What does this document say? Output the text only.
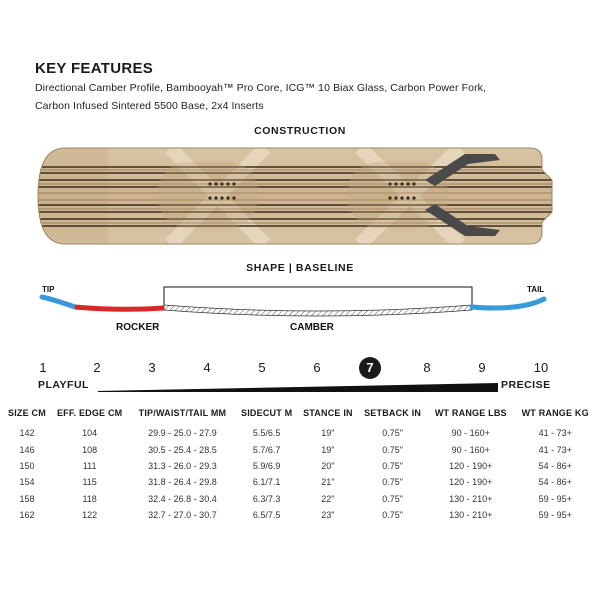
KEY FEATURES
Directional Camber Profile, Bambooyah™ Pro Core, ICG™ 10 Biax Glass, Carbon Power Fork,
Carbon Infused Sintered 5500 Base, 2x4 Inserts
CONSTRUCTION
SHAPE | BASELINE
TIP	TAIL
ROCKER	CAMBER
1	2	3	4	5	6	7	8	9	10
PLAYFUL	PRECISE
SIZE CM	EFF. EDGE CM	TIP/WAIST/TAIL MM	SIDECUT M	STANCE IN	SETBACK IN	WT RANGE LBS	WT RANGE KG
142	104	29.9 - 25.0 - 27.9	5.5/6.5	19"	0.75"	90 - 160+	41 - 73+
146	108	30.5 - 25.4 - 28.5	5.7/6.7	19"	0.75"	90 - 160+	41 - 73+
150	111	31.3 - 26.0 - 29.3	5.9/6.9	20"	0.75"	120 - 190+	54 - 86+
154	115	31.8 - 26.4 - 29.8	6.1/7.1	21"	0.75"	120 - 190+	54 - 86+
158	118	32.4 - 26.8 - 30.4	6.3/7.3	22"	0.75"	130 - 210+	59 - 95+
162	122	32.7 - 27.0 - 30.7	6.5/7.5	23"	0.75"	130 - 210+	59 - 95+
